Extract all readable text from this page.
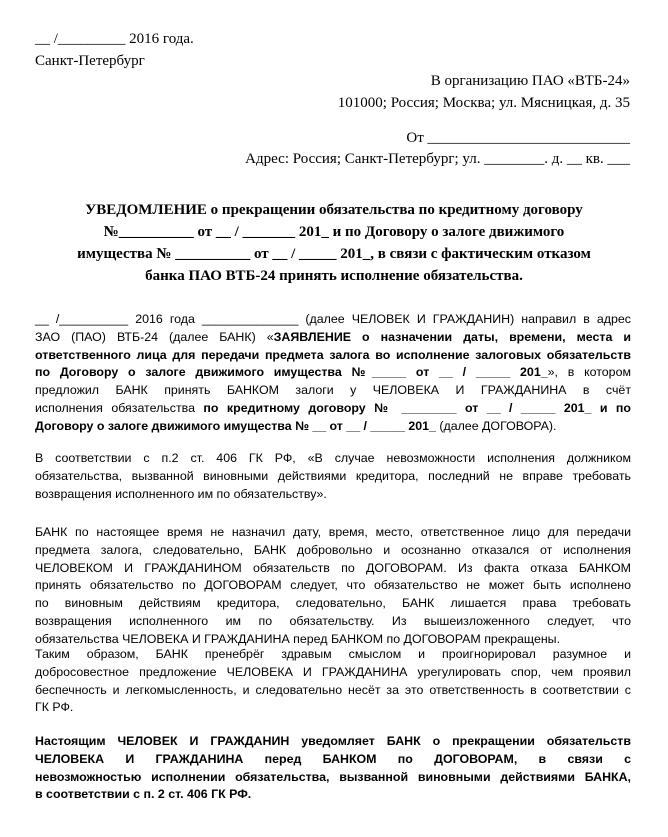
__ /_________ 2016 года.
Санкт-Петербург
В организацию ПАО «ВТБ-24»
101000; Россия; Москва; ул. Мясницкая, д. 35
От ___________________________
Адрес: Россия; Санкт-Петербург; ул. ________. д. __ кв. ___
УВЕДОМЛЕНИЕ о прекращении обязательства по кредитному договору
№__________ от __ / _______ 201_ и по Договору о залоге движимого
имущества № __________ от __ / _____ 201_, в связи с фактическим отказом
банка ПАО ВТБ-24 принять исполнение обязательства.
__ /__________ 2016 года ______________ (далее ЧЕЛОВЕК И ГРАЖДАНИН) направил в адрес
ЗАО (ПАО) ВТБ-24 (далее БАНК) «ЗАЯВЛЕНИЕ о назначении даты, времени, места и
ответственного лица для передачи предмета залога во исполнение залоговых обязательств
по Договору о залоге движимого имущества №_____ от __ / _____ 201_», в котором
предложил БАНК принять БАНКОМ залоги у ЧЕЛОВЕКА И ГРАЖДАНИНА в счёт
исполнения обязательства по кредитному договору № ________ от __ / _____ 201_ и по
Договору о залоге движимого имущества № __ от __ / _____ 201_ (далее ДОГОВОРА).
В соответствии с п.2 ст. 406 ГК РФ, «В случае невозможности исполнения должником
обязательства, вызванной виновными действиями кредитора, последний не вправе требовать
возвращения исполненного им по обязательству».
БАНК по настоящее время не назначил дату, время, место, ответственное лицо для передачи
предмета залога, следовательно, БАНК добровольно и осознанно отказался от исполнения
ЧЕЛОВЕКОМ И ГРАЖДАНИНОМ обязательств по ДОГОВОРАМ. Из факта отказа БАНКОМ
принять обязательство по ДОГОВОРАМ следует, что обязательство не может быть исполнено
по виновным действиям кредитора, следовательно, БАНК лишается права требовать
возвращения исполненного им по обязательству. Из вышеизложенного следует, что
обязательства ЧЕЛОВЕКА И ГРАЖДАНИНА перед БАНКОМ по ДОГОВОРАМ прекращены.
Таким образом, БАНК пренебрёг здравым смыслом и проигнорировал разумное и
добросовестное предложение ЧЕЛОВЕКА И ГРАЖДАНИНА урегулировать спор, чем проявил
беспечность и легкомысленность, и следовательно несёт за это ответственность в соответствии с
ГК РФ.
Настоящим ЧЕЛОВЕК И ГРАЖДАНИН уведомляет БАНК о прекращении обязательств
ЧЕЛОВЕКА И ГРАЖДАНИНА перед БАНКОМ по ДОГОВОРАМ, в связи с
невозможностью исполнении обязательства, вызванной виновными действиями БАНКА,
в соответствии с п. 2 ст. 406 ГК РФ.
